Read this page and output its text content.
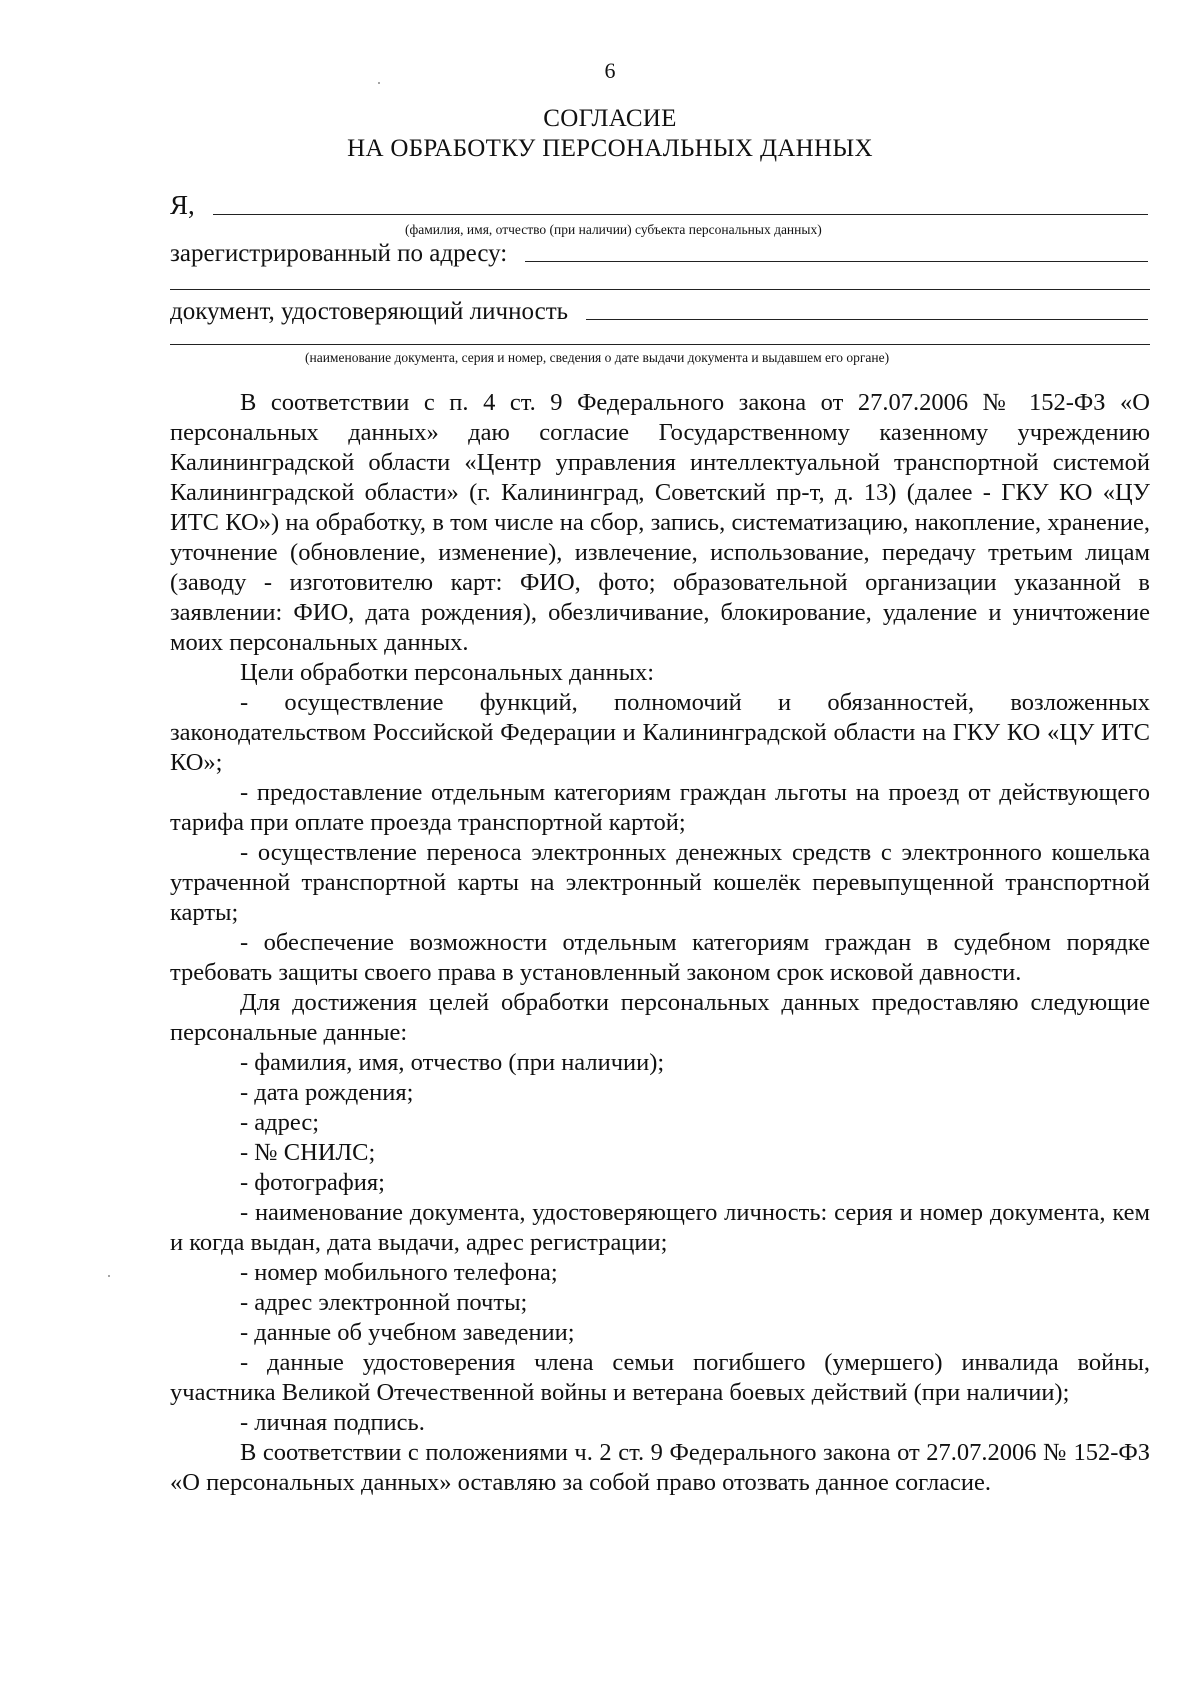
6
СОГЛАСИЕ
НА ОБРАБОТКУ ПЕРСОНАЛЬНЫХ ДАННЫХ
Я,
(фамилия, имя, отчество (при наличии) субъекта персональных данных)
зарегистрированный по адресу:
документ, удостоверяющий личность
(наименование документа, серия и номер, сведения о дате выдачи документа и выдавшем его органе)

В соответствии с п. 4 ст. 9 Федерального закона от 27.07.2006 № 152-ФЗ «О персональных данных» даю согласие Государственному казенному учреждению Калининградской области «Центр управления интеллектуальной транспортной системой Калининградской области» (г. Калининград, Советский пр-т, д. 13) (далее - ГКУ КО «ЦУ ИТС КО») на обработку, в том числе на сбор, запись, систематизацию, накопление, хранение, уточнение (обновление, изменение), извлечение, использование, передачу третьим лицам (заводу - изготовителю карт: ФИО, фото; образовательной организации указанной в заявлении: ФИО, дата рождения), обезличивание, блокирование, удаление и уничтожение моих персональных данных.

Цели обработки персональных данных:

- осуществление функций, полномочий и обязанностей, возложенных законодательством Российской Федерации и Калининградской области на ГКУ КО «ЦУ ИТС КО»;

- предоставление отдельным категориям граждан льготы на проезд от действующего тарифа при оплате проезда транспортной картой;

- осуществление переноса электронных денежных средств с электронного кошелька утраченной транспортной карты на электронный кошелёк перевыпущенной транспортной карты;

- обеспечение возможности отдельным категориям граждан в судебном порядке требовать защиты своего права в установленный законом срок исковой давности.

Для достижения целей обработки персональных данных предоставляю следующие персональные данные:

- фамилия, имя, отчество (при наличии);

- дата рождения;

- адрес;

- № СНИЛС;

- фотография;

- наименование документа, удостоверяющего личность: серия и номер документа, кем и когда выдан, дата выдачи, адрес регистрации;

- номер мобильного телефона;

- адрес электронной почты;

- данные об учебном заведении;

- данные удостоверения члена семьи погибшего (умершего) инвалида войны, участника Великой Отечественной войны и ветерана боевых действий (при наличии);

- личная подпись.

В соответствии с положениями ч. 2 ст. 9 Федерального закона от 27.07.2006 № 152-ФЗ «О персональных данных» оставляю за собой право отозвать данное согласие.
